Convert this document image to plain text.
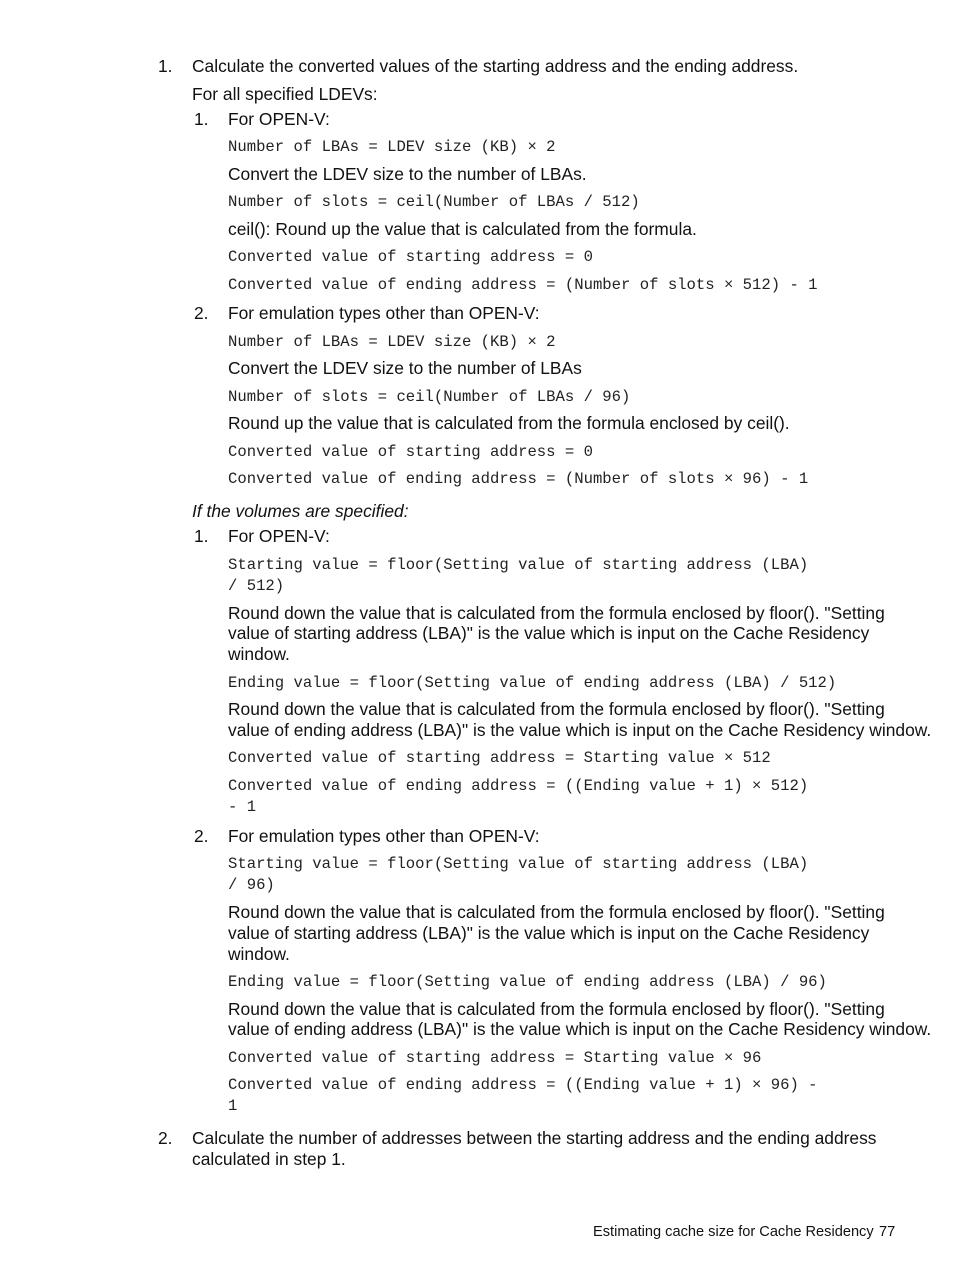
1. Calculate the converted values of the starting address and the ending address.
For all specified LDEVs:
1. For OPEN-V:
Number of LBAs = LDEV size (KB) × 2
Convert the LDEV size to the number of LBAs.
Number of slots = ceil(Number of LBAs / 512)
ceil(): Round up the value that is calculated from the formula.
Converted value of starting address = 0
Converted value of ending address = (Number of slots × 512) - 1
2. For emulation types other than OPEN-V:
Number of LBAs = LDEV size (KB) × 2
Convert the LDEV size to the number of LBAs
Number of slots = ceil(Number of LBAs / 96)
Round up the value that is calculated from the formula enclosed by ceil().
Converted value of starting address = 0
Converted value of ending address = (Number of slots × 96) - 1
If the volumes are specified:
1. For OPEN-V:
Starting value = floor(Setting value of starting address (LBA)
/ 512)
Round down the value that is calculated from the formula enclosed by floor(). "Setting
value of starting address (LBA)" is the value which is input on the Cache Residency
window.
Ending value = floor(Setting value of ending address (LBA) / 512)
Round down the value that is calculated from the formula enclosed by floor(). "Setting
value of ending address (LBA)" is the value which is input on the Cache Residency window.
Converted value of starting address = Starting value × 512
Converted value of ending address = ((Ending value + 1) × 512)
- 1
2. For emulation types other than OPEN-V:
Starting value = floor(Setting value of starting address (LBA)
/ 96)
Round down the value that is calculated from the formula enclosed by floor(). "Setting
value of starting address (LBA)" is the value which is input on the Cache Residency
window.
Ending value = floor(Setting value of ending address (LBA) / 96)
Round down the value that is calculated from the formula enclosed by floor(). "Setting
value of ending address (LBA)" is the value which is input on the Cache Residency window.
Converted value of starting address = Starting value × 96
Converted value of ending address = ((Ending value + 1) × 96) -
1
2. Calculate the number of addresses between the starting address and the ending address
calculated in step 1.
Estimating cache size for Cache Residency 77
